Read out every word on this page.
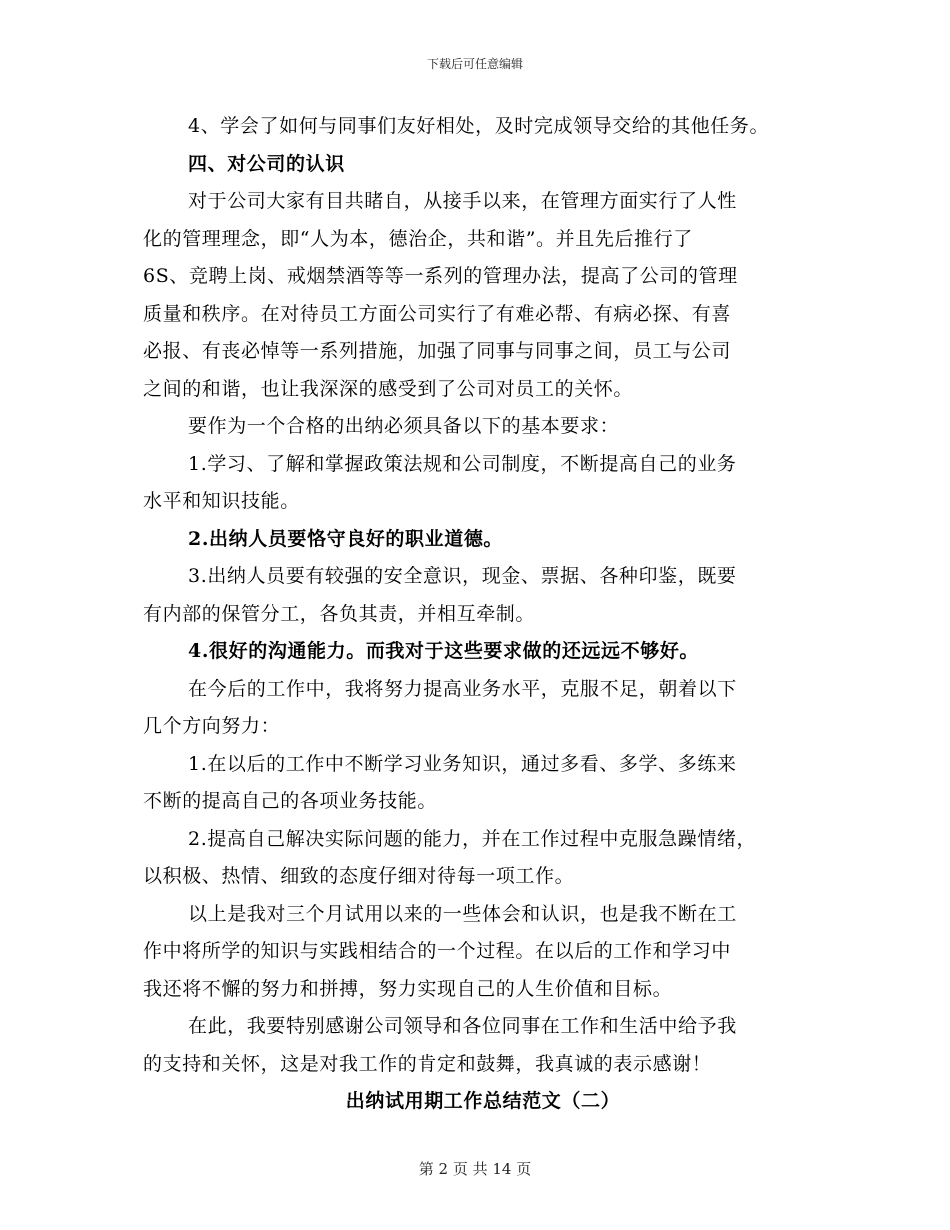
下载后可任意编辑
4、学会了如何与同事们友好相处，及时完成领导交给的其他任务。
四、对公司的认识
对于公司大家有目共睹自，从接手以来，在管理方面实行了人性
化的管理理念，即“人为本，德治企，共和谐”。并且先后推行了
6S、竞聘上岗、戒烟禁酒等等一系列的管理办法，提高了公司的管理
质量和秩序。在对待员工方面公司实行了有难必帮、有病必探、有喜
必报、有丧必悼等一系列措施，加强了同事与同事之间，员工与公司
之间的和谐，也让我深深的感受到了公司对员工的关怀。
要作为一个合格的出纳必须具备以下的基本要求：
1.学习、了解和掌握政策法规和公司制度，不断提高自己的业务
水平和知识技能。
2.出纳人员要恪守良好的职业道德。
3.出纳人员要有较强的安全意识，现金、票据、各种印鉴，既要
有内部的保管分工，各负其责，并相互牵制。
4.很好的沟通能力。而我对于这些要求做的还远远不够好。
在今后的工作中，我将努力提高业务水平，克服不足，朝着以下
几个方向努力：
1.在以后的工作中不断学习业务知识，通过多看、多学、多练来
不断的提高自己的各项业务技能。
2.提高自己解决实际问题的能力，并在工作过程中克服急躁情绪，
以积极、热情、细致的态度仔细对待每一项工作。
以上是我对三个月试用以来的一些体会和认识，也是我不断在工
作中将所学的知识与实践相结合的一个过程。在以后的工作和学习中
我还将不懈的努力和拼搏，努力实现自己的人生价值和目标。
在此，我要特别感谢公司领导和各位同事在工作和生活中给予我
的支持和关怀，这是对我工作的肯定和鼓舞，我真诚的表示感谢！
出纳试用期工作总结范文（二）
第 2 页 共 14 页
